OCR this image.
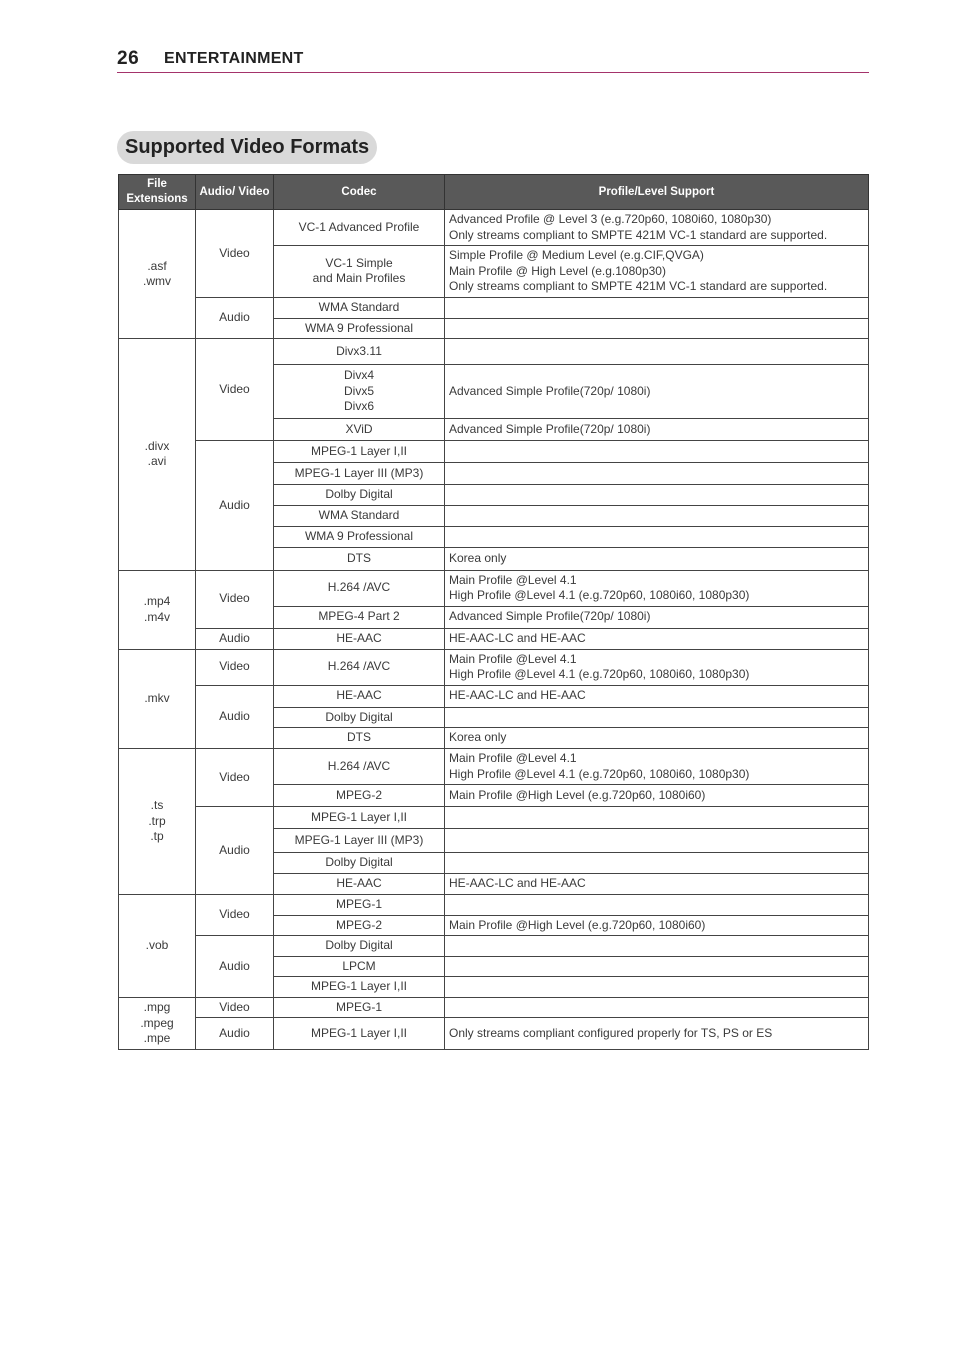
26 ENTERTAINMENT
Supported Video Formats
File Extensions	Audio/ Video	Codec	Profile/Level Support

.asf
.wmv	Video	VC-1 Advanced Profile	Advanced Profile @ Level 3 (e.g.720p60, 1080i60, 1080p30)
Only streams compliant to SMPTE 421M VC-1 standard are supported.

		VC-1 Simple
and Main Profiles	Simple Profile @ Medium Level (e.g.CIF,QVGA)
Main Profile @ High Level (e.g.1080p30)
Only streams compliant to SMPTE 421M VC-1 standard are supported.

	Audio	WMA Standard	

		WMA 9 Professional	

.divx
.avi	Video	Divx3.11	

		Divx4
Divx5
Divx6	Advanced Simple Profile(720p/ 1080i)

		XViD	Advanced Simple Profile(720p/ 1080i)

	Audio	MPEG-1 Layer I,II	

		MPEG-1 Layer III (MP3)	

		Dolby Digital	

		WMA Standard	

		WMA 9 Professional	

		DTS	Korea only

.mp4
.m4v	Video	H.264 /AVC	Main Profile @Level 4.1
High Profile @Level 4.1 (e.g.720p60, 1080i60, 1080p30)

		MPEG-4 Part 2	Advanced Simple Profile(720p/ 1080i)

	Audio	HE-AAC	HE-AAC-LC and HE-AAC

.mkv	Video	H.264 /AVC	Main Profile @Level 4.1
High Profile @Level 4.1 (e.g.720p60, 1080i60, 1080p30)

	Audio	HE-AAC	HE-AAC-LC and HE-AAC

		Dolby Digital	

		DTS	Korea only

.ts
.trp
.tp	Video	H.264 /AVC	Main Profile @Level 4.1
High Profile @Level 4.1 (e.g.720p60, 1080i60, 1080p30)

		MPEG-2	Main Profile @High Level (e.g.720p60, 1080i60)

	Audio	MPEG-1 Layer I,II	

		MPEG-1 Layer III (MP3)	

		Dolby Digital	

		HE-AAC	HE-AAC-LC and HE-AAC

.vob	Video	MPEG-1	

		MPEG-2	Main Profile @High Level (e.g.720p60, 1080i60)

	Audio	Dolby Digital	

		LPCM	

		MPEG-1 Layer I,II	

.mpg
.mpeg
.mpe	Video	MPEG-1	

	Audio	MPEG-1 Layer I,II	Only streams compliant configured properly for TS, PS or ES
